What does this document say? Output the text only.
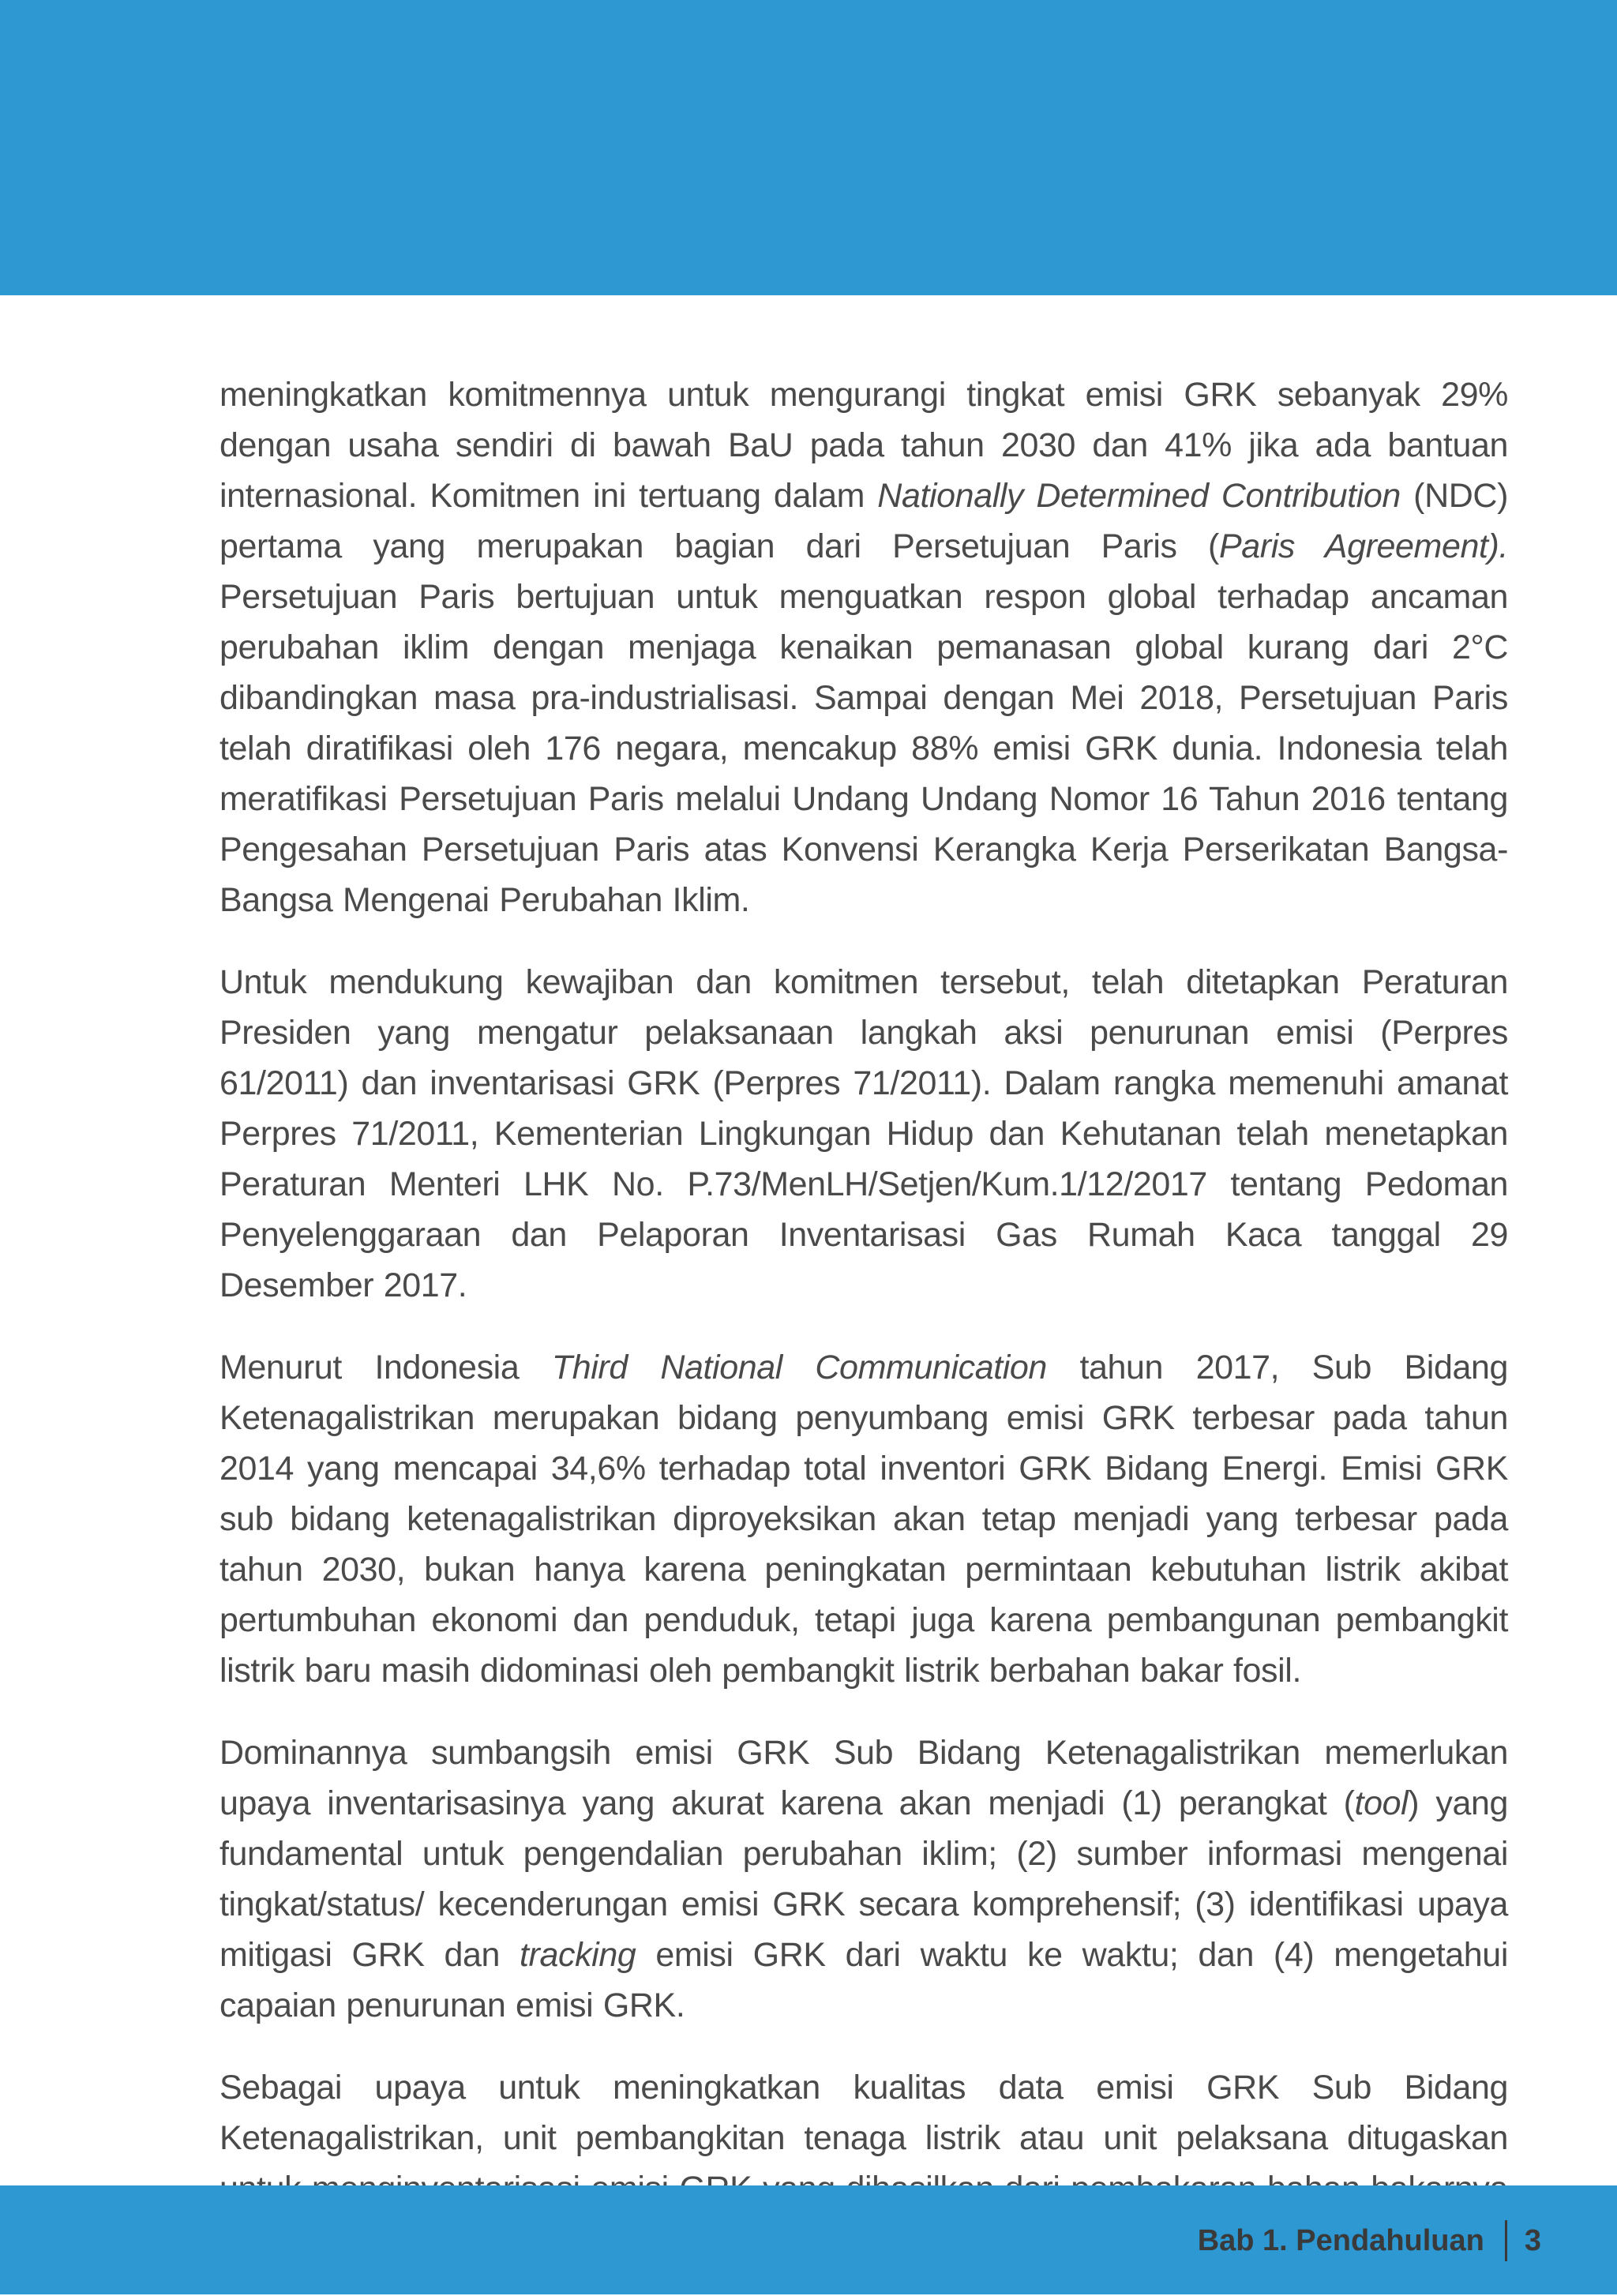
meningkatkan komitmennya untuk mengurangi tingkat emisi GRK sebanyak 29% dengan usaha sendiri di bawah BaU pada tahun 2030 dan 41% jika ada bantuan internasional. Komitmen ini tertuang dalam Nationally Determined Contribution (NDC) pertama yang merupakan bagian dari Persetujuan Paris (Paris Agreement). Persetujuan Paris bertujuan untuk menguatkan respon global terhadap ancaman perubahan iklim dengan menjaga kenaikan pemanasan global kurang dari 2°C dibandingkan masa pra-industrialisasi. Sampai dengan Mei 2018, Persetujuan Paris telah diratifikasi oleh 176 negara, mencakup 88% emisi GRK dunia. Indonesia telah meratifikasi Persetujuan Paris melalui Undang Undang Nomor 16 Tahun 2016 tentang Pengesahan Persetujuan Paris atas Konvensi Kerangka Kerja Perserikatan Bangsa-Bangsa Mengenai Perubahan Iklim.

Untuk mendukung kewajiban dan komitmen tersebut, telah ditetapkan Peraturan Presiden yang mengatur pelaksanaan langkah aksi penurunan emisi (Perpres 61/2011) dan inventarisasi GRK (Perpres 71/2011). Dalam rangka memenuhi amanat Perpres 71/2011, Kementerian Lingkungan Hidup dan Kehutanan telah menetapkan Peraturan Menteri LHK No. P.73/MenLH/Setjen/Kum.1/12/2017 tentang Pedoman Penyelenggaraan dan Pelaporan Inventarisasi Gas Rumah Kaca tanggal 29 Desember 2017.

Menurut Indonesia Third National Communication tahun 2017, Sub Bidang Ketenagalistrikan merupakan bidang penyumbang emisi GRK terbesar pada tahun 2014 yang mencapai 34,6% terhadap total inventori GRK Bidang Energi. Emisi GRK sub bidang ketenagalistrikan diproyeksikan akan tetap menjadi yang terbesar pada tahun 2030, bukan hanya karena peningkatan permintaan kebutuhan listrik akibat pertumbuhan ekonomi dan penduduk, tetapi juga karena pembangunan pembangkit listrik baru masih didominasi oleh pembangkit listrik berbahan bakar fosil.

Dominannya sumbangsih emisi GRK Sub Bidang Ketenagalistrikan memerlukan upaya inventarisasinya yang akurat karena akan menjadi (1) perangkat (tool) yang fundamental untuk pengendalian perubahan iklim; (2) sumber informasi mengenai tingkat/status/ kecenderungan emisi GRK secara komprehensif; (3) identifikasi upaya mitigasi GRK dan tracking emisi GRK dari waktu ke waktu; dan (4) mengetahui capaian penurunan emisi GRK.

Sebagai upaya untuk meningkatkan kualitas data emisi GRK Sub Bidang Ketenagalistrikan, unit pembangkitan tenaga listrik atau unit pelaksana ditugaskan

Bab 1. Pendahuluan 3
